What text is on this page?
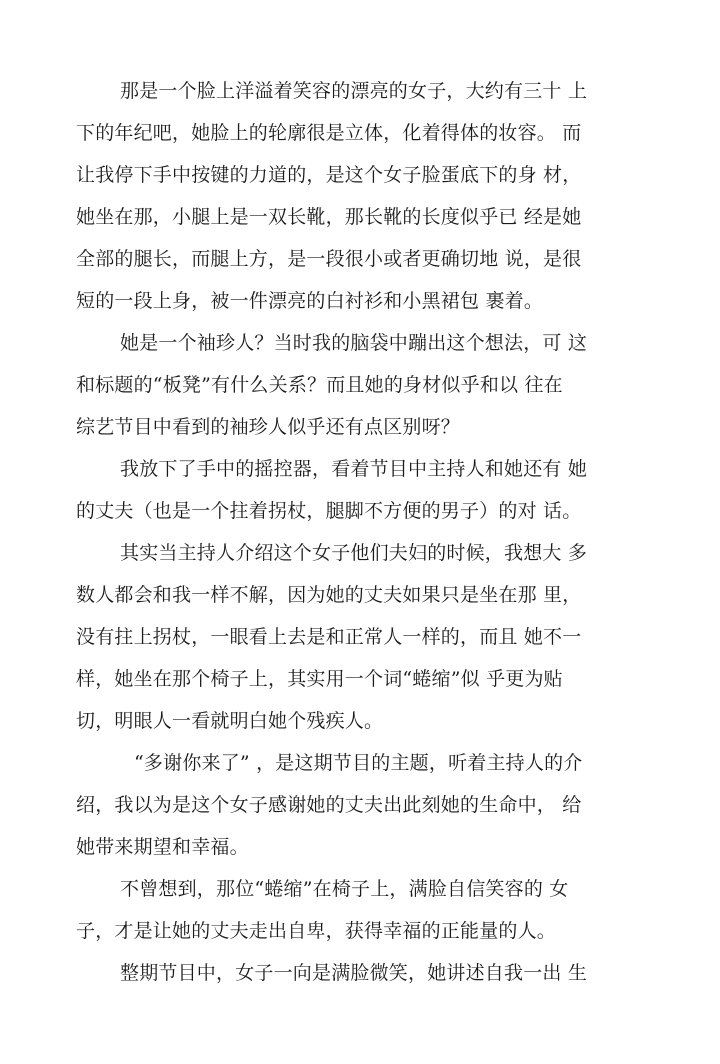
那是一个脸上洋溢着笑容的漂亮的女子，大约有三十 上
下的年纪吧，她脸上的轮廓很是立体，化着得体的妆容。 而
让我停下手中按键的力道的，是这个女子脸蛋底下的身 材，
她坐在那，小腿上是一双长靴，那长靴的长度似乎已 经是她
全部的腿长，而腿上方，是一段很小或者更确切地 说，是很
短的一段上身，被一件漂亮的白衬衫和小黑裙包 裹着。

她是一个袖珍人？当时我的脑袋中蹦出这个想法，可 这
和标题的“板凳”有什么关系？而且她的身材似乎和以 往在
综艺节目中看到的袖珍人似乎还有点区别呀？

我放下了手中的摇控器，看着节目中主持人和她还有 她
的丈夫（也是一个拄着拐杖，腿脚不方便的男子）的对 话。

其实当主持人介绍这个女子他们夫妇的时候，我想大 多
数人都会和我一样不解，因为她的丈夫如果只是坐在那 里，
没有拄上拐杖，一眼看上去是和正常人一样的，而且 她不一
样，她坐在那个椅子上，其实用一个词“蜷缩”似 乎更为贴
切，明眼人一看就明白她个残疾人。

“多谢你来了” ，是这期节目的主题，听着主持人的介
绍，我以为是这个女子感谢她的丈夫出此刻她的生命中， 给
她带来期望和幸福。

不曾想到，那位“蜷缩”在椅子上，满脸自信笑容的 女
子，才是让她的丈夫走出自卑，获得幸福的正能量的人。

整期节目中，女子一向是满脸微笑，她讲述自我一出 生
